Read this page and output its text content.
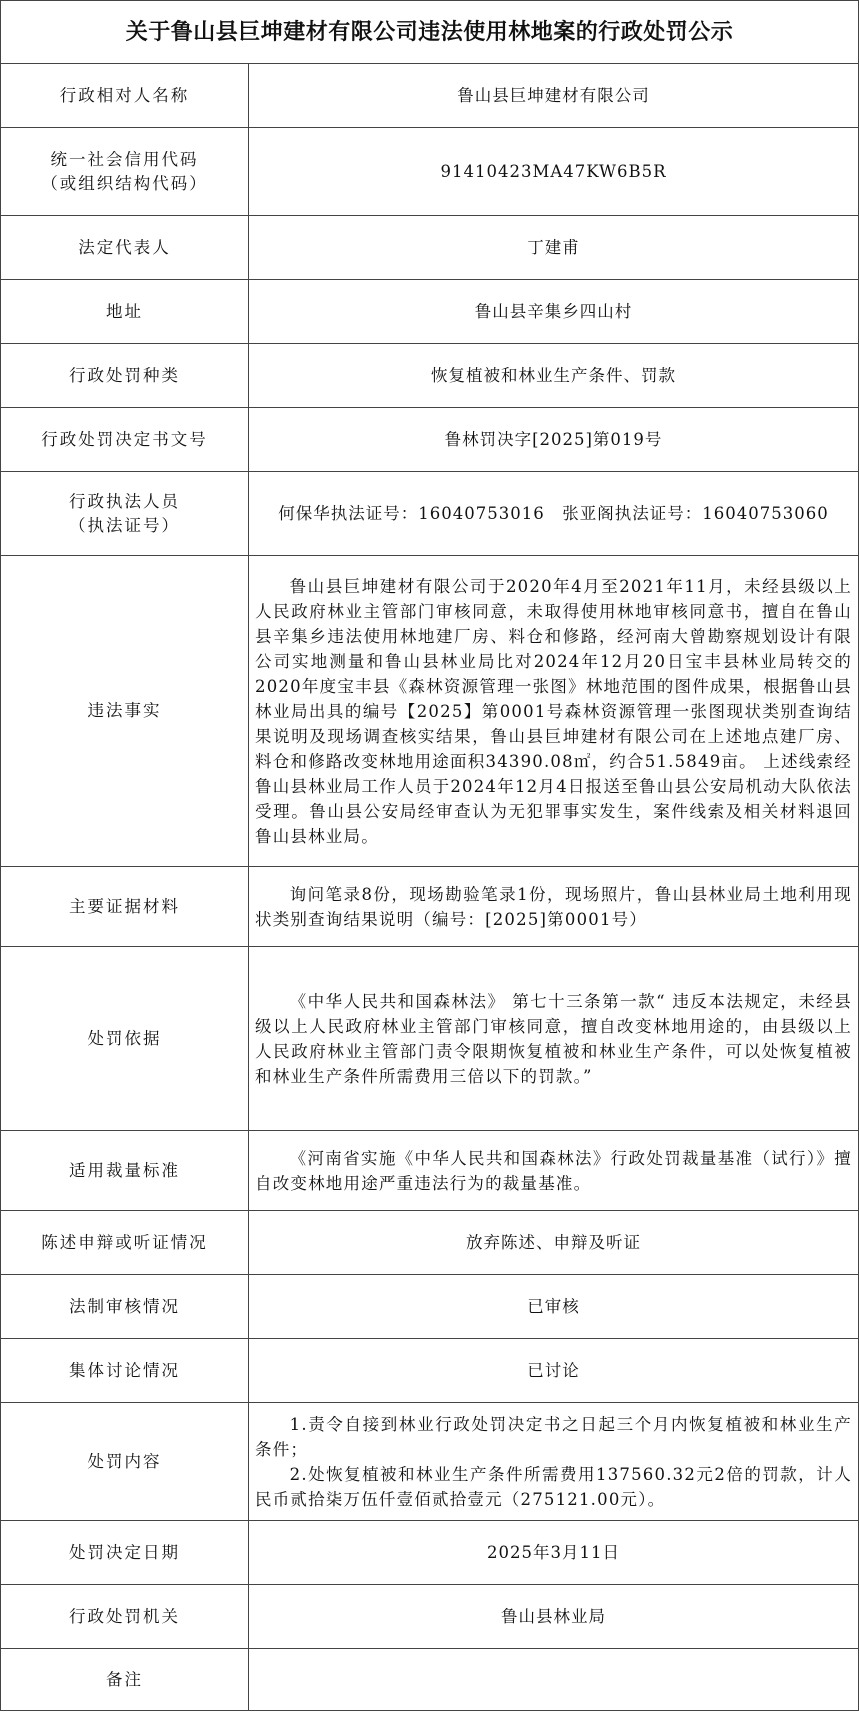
关于鲁山县巨坤建材有限公司违法使用林地案的行政处罚公示
行政相对人名称	鲁山县巨坤建材有限公司

统一社会信用代码
（或组织结构代码）	91410423MA47KW6B5R
法定代表人	丁建甫
地址	鲁山县辛集乡四山村
行政处罚种类	恢复植被和林业生产条件、罚款
行政处罚决定书文号	鲁林罚决字[2025]第019号

行政执法人员
（执法证号）	何保华执法证号：16040753016　张亚阁执法证号：16040753060
违法事实	鲁山县巨坤建材有限公司于2020年4月至2021年11月，未经县级以上人民政府林业主管部门审核同意，未取得使用林地审核同意书，擅自在鲁山县辛集乡违法使用林地建厂房、料仓和修路，经河南大曾勘察规划设计有限公司实地测量和鲁山县林业局比对2024年12月20日宝丰县林业局转交的2020年度宝丰县《森林资源管理一张图》林地范围的图件成果，根据鲁山县林业局出具的编号【2025】第0001号森林资源管理一张图现状类别查询结果说明及现场调查核实结果，鲁山县巨坤建材有限公司在上述地点建厂房、料仓和修路改变林地用途面积34390.08㎡，约合51.5849亩。 上述线索经鲁山县林业局工作人员于2024年12月4日报送至鲁山县公安局机动大队依法受理。鲁山县公安局经审查认为无犯罪事实发生，案件线索及相关材料退回鲁山县林业局。

主要证据材料	询问笔录8份，现场勘验笔录1份，现场照片，鲁山县林业局土地利用现状类别查询结果说明（编号：[2025]第0001号）

处罚依据	《中华人民共和国森林法》 第七十三条第一款“ 违反本法规定，未经县级以上人民政府林业主管部门审核同意，擅自改变林地用途的，由县级以上人民政府林业主管部门责令限期恢复植被和林业生产条件，可以处恢复植被和林业生产条件所需费用三倍以下的罚款。”

适用裁量标准	《河南省实施《中华人民共和国森林法》行政处罚裁量基准（试行）》擅自改变林地用途严重违法行为的裁量基准。

陈述申辩或听证情况	放弃陈述、申辩及听证
法制审核情况	已审核
集体讨论情况	已讨论
处罚内容	1.责令自接到林业行政处罚决定书之日起三个月内恢复植被和林业生产条件；
2.处恢复植被和林业生产条件所需费用137560.32元2倍的罚款，计人民币贰拾柒万伍仟壹佰贰拾壹元（275121.00元）。

处罚决定日期	2025年3月11日
行政处罚机关	鲁山县林业局
备注	
